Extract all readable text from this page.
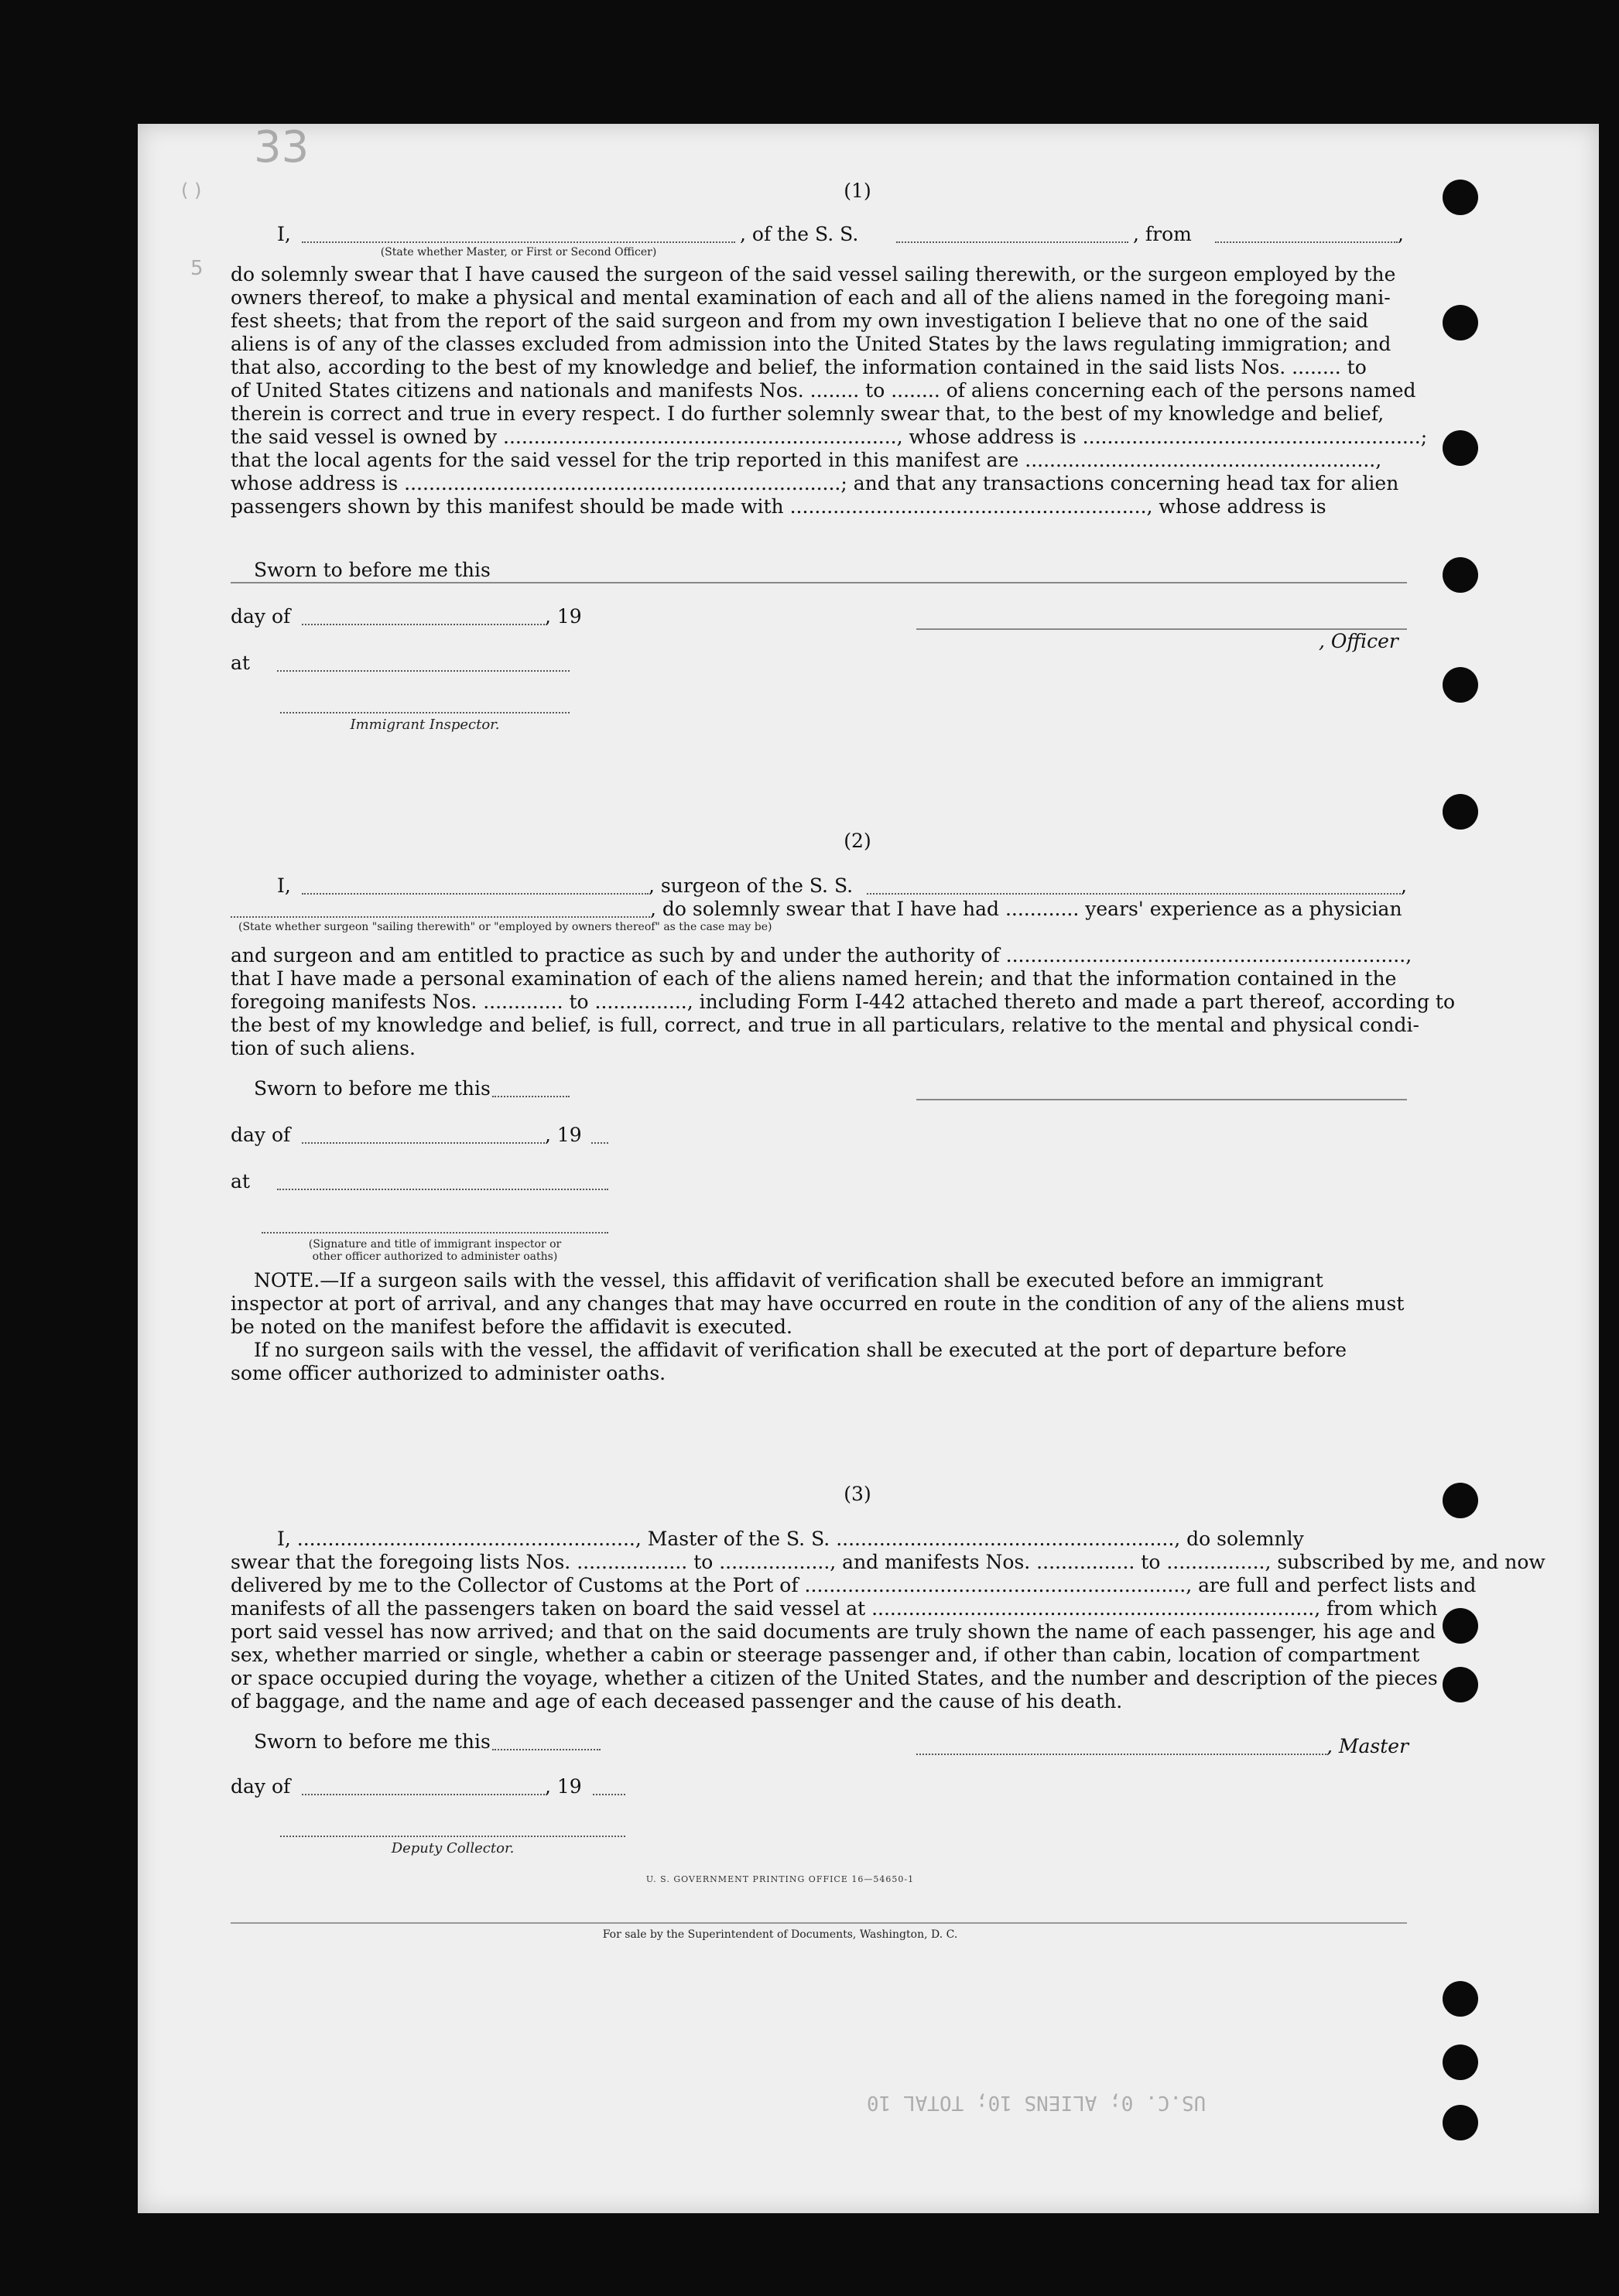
33
( )
5
US.C. 0; ALIENS 10; TOTAL 10
(1)
I,	, of the S. S.	, from	,
(State whether Master, or First or Second Officer)
do solemnly swear that I have caused the surgeon of the said vessel sailing therewith, or the surgeon employed by the
owners thereof, to make a physical and mental examination of each and all of the aliens named in the foregoing mani-
fest sheets; that from the report of the said surgeon and from my own investigation I believe that no one of the said
aliens is of any of the classes excluded from admission into the United States by the laws regulating immigration; and
that also, according to the best of my knowledge and belief, the information contained in the said lists Nos. ........ to
of United States citizens and nationals and manifests Nos. ........ to ........ of aliens concerning each of the persons named
therein is correct and true in every respect. I do further solemnly swear that, to the best of my knowledge and belief,
the said vessel is owned by ................................................................, whose address is .......................................................;
that the local agents for the said vessel for the trip reported in this manifest are .........................................................,
whose address is .......................................................................; and that any transactions concerning head tax for alien
passengers shown by this manifest should be made with .........................................................., whose address is
Sworn to before me this
day of	, 19
, Officer
at
Immigrant Inspector.
(2)
I,	, surgeon of the S. S.	,
, do solemnly swear that I have had ............ years' experience as a physician
(State whether surgeon "sailing therewith" or "employed by owners thereof" as the case may be)
and surgeon and am entitled to practice as such by and under the authority of .................................................................,
that I have made a personal examination of each of the aliens named herein; and that the information contained in the
foregoing manifests Nos. ............. to ..............., including Form I-442 attached thereto and made a part thereof, according to
the best of my knowledge and belief, is full, correct, and true in all particulars, relative to the mental and physical condi-
tion of such aliens.
Sworn to before me this
day of	, 19
at
(Signature and title of immigrant inspector or
other officer authorized to administer oaths)
NOTE.—If a surgeon sails with the vessel, this affidavit of verification shall be executed before an immigrant
inspector at port of arrival, and any changes that may have occurred en route in the condition of any of the aliens must
be noted on the manifest before the affidavit is executed.
If no surgeon sails with the vessel, the affidavit of verification shall be executed at the port of departure before
some officer authorized to administer oaths.
(3)
I, ......................................................., Master of the S. S. ......................................................., do solemnly
swear that the foregoing lists Nos. .................. to .................., and manifests Nos. ................ to ................, subscribed by me, and now
delivered by me to the Collector of Customs at the Port of .............................................................., are full and perfect lists and
manifests of all the passengers taken on board the said vessel at ........................................................................, from which
port said vessel has now arrived; and that on the said documents are truly shown the name of each passenger, his age and
sex, whether married or single, whether a cabin or steerage passenger and, if other than cabin, location of compartment
or space occupied during the voyage, whether a citizen of the United States, and the number and description of the pieces
of baggage, and the name and age of each deceased passenger and the cause of his death.
Sworn to before me this	, Master
day of	, 19
Deputy Collector.
U. S. GOVERNMENT PRINTING OFFICE 16—54650-1
For sale by the Superintendent of Documents, Washington, D. C.
